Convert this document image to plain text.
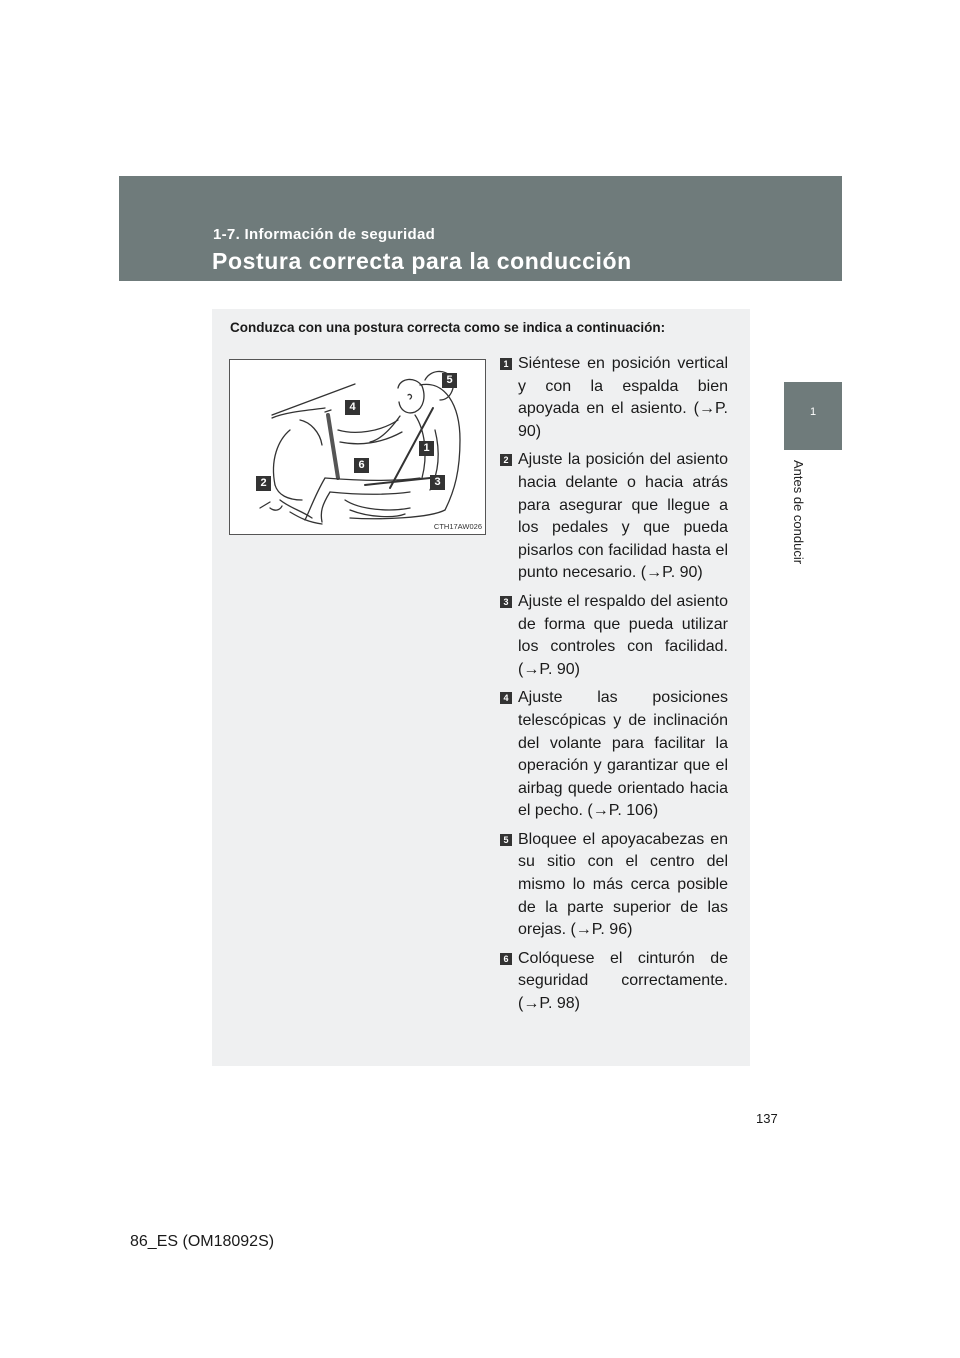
1-7. Información de seguridad
Postura correcta para la conducción
1
Antes de conducir
Conduzca con una postura correcta como se indica a continuación:
5
4
1
6
2	3
CTH17AW026
1 Siéntese en posición vertical y con la espalda bien apoyada en el asiento. (→P. 90)
2 Ajuste la posición del asiento hacia delante o hacia atrás para asegurar que llegue a los pedales y que pueda pisarlos con facilidad hasta el punto necesario. (→P. 90)
3 Ajuste el respaldo del asiento de forma que pueda utilizar los controles con facilidad. (→P. 90)
4 Ajuste las posiciones telescópicas y de inclinación del volante para facilitar la operación y garantizar que el airbag quede orientado hacia el pecho. (→P. 106)
5 Bloquee el apoyacabezas en su sitio con el centro del mismo lo más cerca posible de la parte superior de las orejas. (→P. 96)
6 Colóquese el cinturón de seguridad correctamente. (→P. 98)
137
86_ES (OM18092S)
